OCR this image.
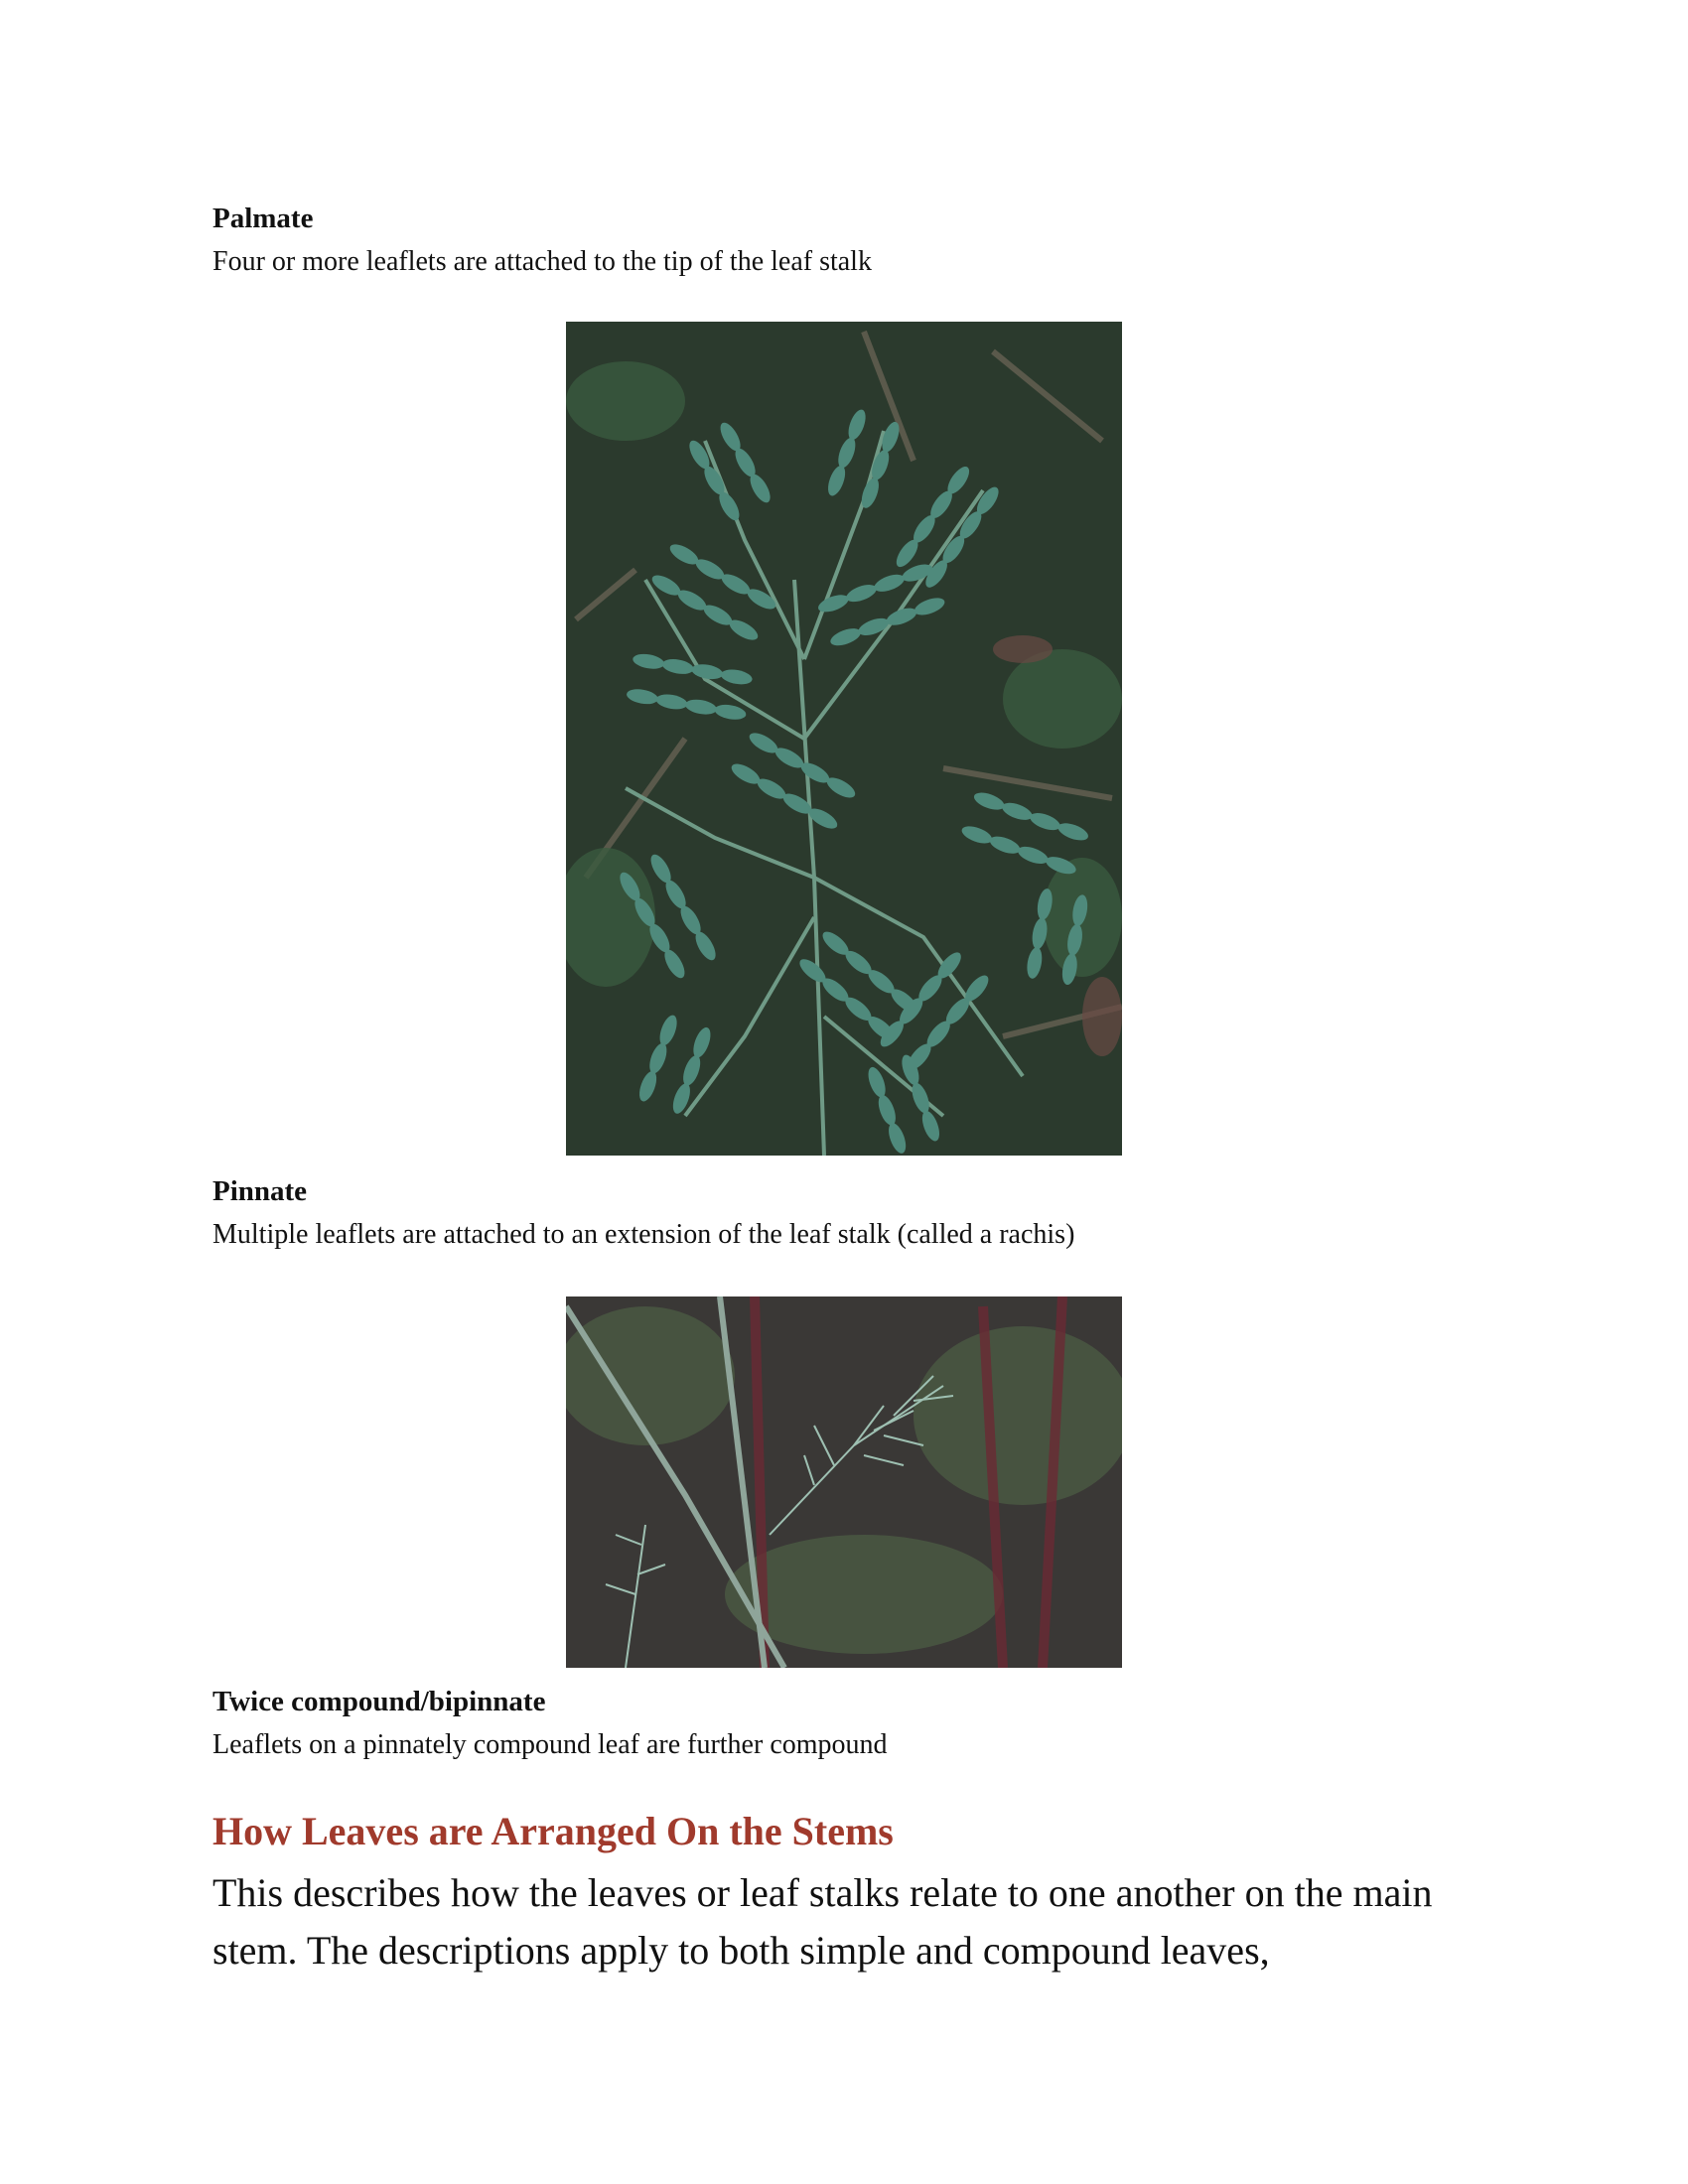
Palmate
Four or more leaflets are attached to the tip of the leaf stalk
Pinnate
Multiple leaflets are attached to an extension of the leaf stalk (called a rachis)
Twice compound/bipinnate
Leaflets on a pinnately compound leaf are further compound
How Leaves are Arranged On the Stems
This describes how the leaves or leaf stalks relate to one another on the main stem. The descriptions apply to both simple and compound leaves,
